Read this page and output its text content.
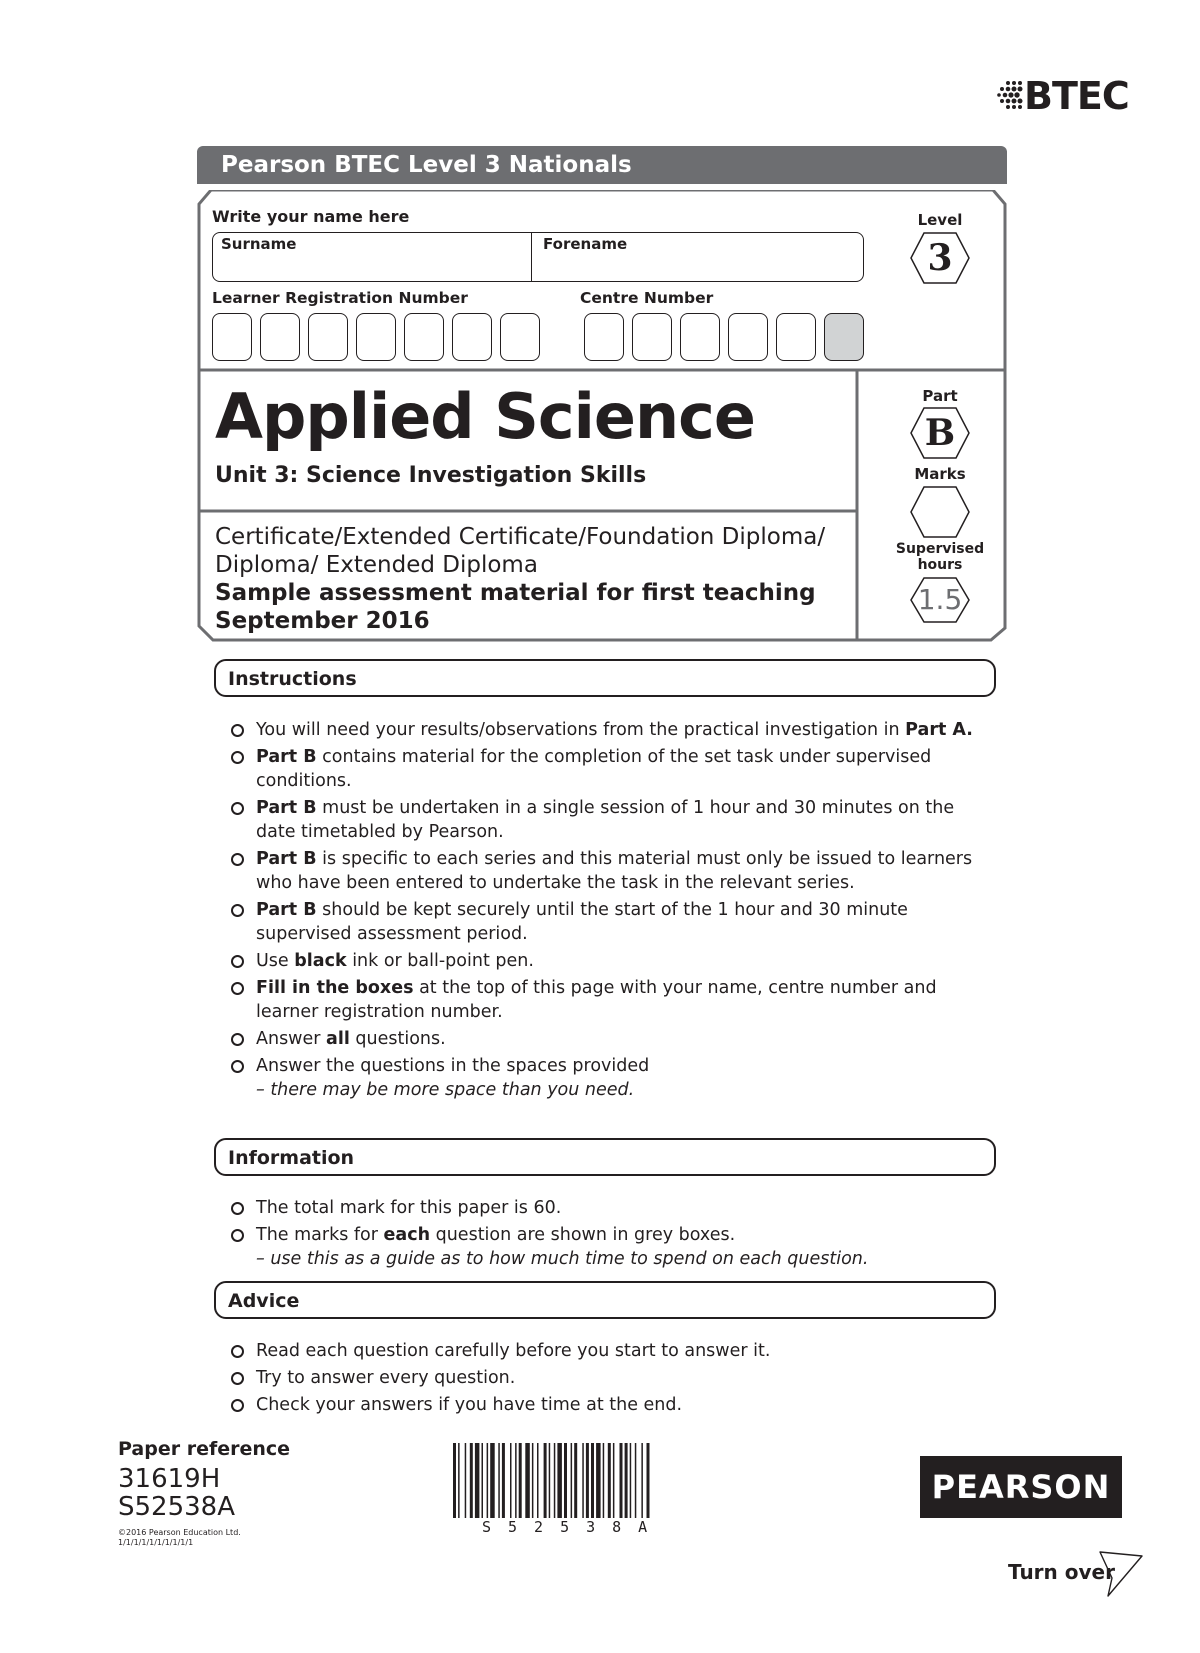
BTEC
Pearson BTEC Level 3 Nationals
Write your name here
Surname	Forename
Learner Registration Number	Centre Number
Level
3
Applied Science
Unit 3: Science Investigation Skills
Certificate/Extended Certificate/Foundation Diploma/
Diploma/ Extended Diploma
Sample assessment material for first teaching
September 2016
Part
B
Marks
Supervised
hours
1.5
Instructions
You will need your results/observations from the practical investigation in Part A.
Part B contains material for the completion of the set task under supervised conditions.
Part B must be undertaken in a single session of 1 hour and 30 minutes on the date timetabled by Pearson.
Part B is specific to each series and this material must only be issued to learners who have been entered to undertake the task in the relevant series.
Part B should be kept securely until the start of the 1 hour and 30 minute supervised assessment period.
Use black ink or ball-point pen.
Fill in the boxes at the top of this page with your name, centre number and learner registration number.
Answer all questions.
Answer the questions in the spaces provided
– there may be more space than you need.
Information
The total mark for this paper is 60.
The marks for each question are shown in grey boxes.
– use this as a guide as to how much time to spend on each question.
Advice
Read each question carefully before you start to answer it.
Try to answer every question.
Check your answers if you have time at the end.
Paper reference
31619H
S52538A
©2016 Pearson Education Ltd.
1/1/1/1/1/1/1/1/1/1
S52538A
PEARSON
Turn over
